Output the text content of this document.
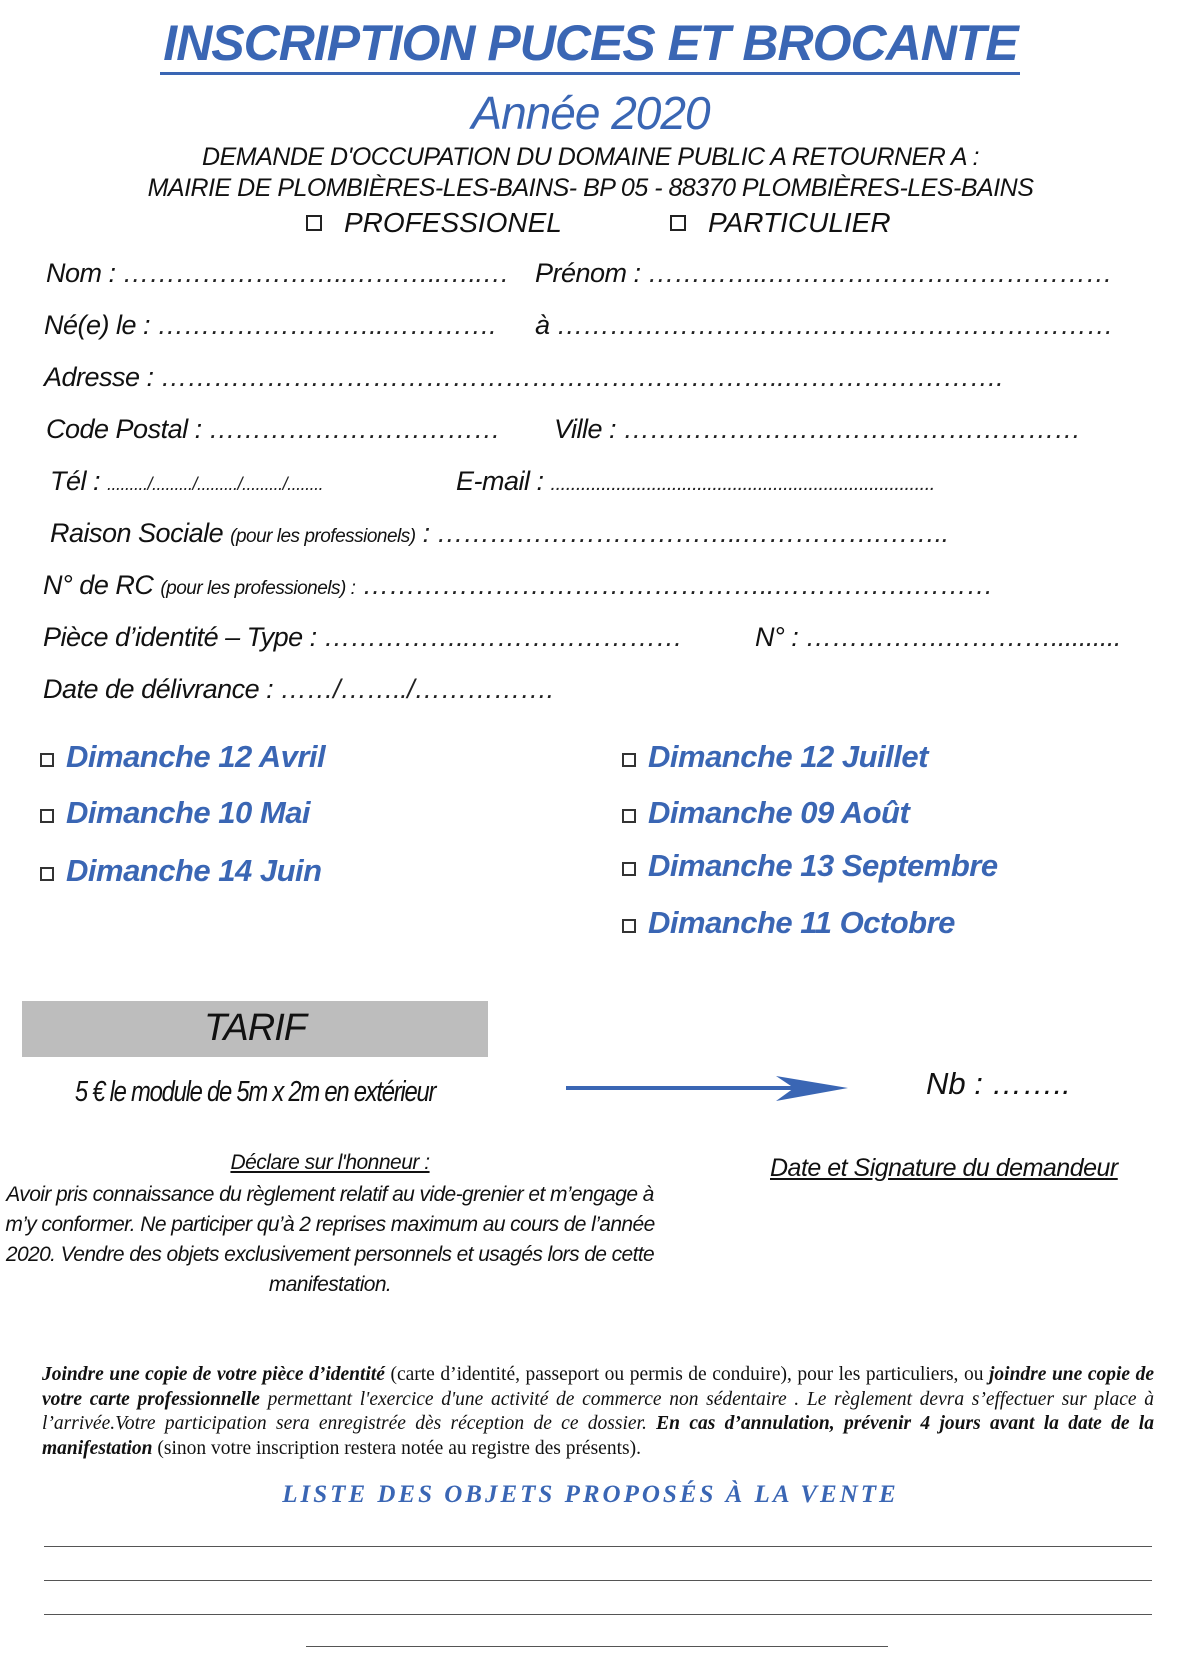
INSCRIPTION PUCES ET BROCANTE
Année 2020
DEMANDE D'OCCUPATION DU DOMAINE PUBLIC A RETOURNER A :
MAIRIE DE PLOMBIÈRES-LES-BAINS- BP 05 - 88370 PLOMBIÈRES-LES-BAINS
PROFESSIONEL	PARTICULIER
Nom : ……………………..………..…..… Prénom : …………..…………………………………
Né(e) le : ……………………..…………. à ………………………………………………………
Adresse : ……………………………………………………………..…………………….
Code Postal : …………………………… Ville : …………………………….………………
Tél : ........./........./........./........./........	E-mail : ............................................................................
Raison Sociale (pour les professionels) : ……………………………..…………….……..
N° de RC (pour les professionels) : ………………………………………..…………….………
Pièce d’identité – Type : ……………..……………………	N° : …………….…………..........
Date de délivrance : ……/……../…………….
Dimanche 12 Avril
Dimanche 10 Mai
Dimanche 14 Juin
Dimanche 12 Juillet
Dimanche 09 Août
Dimanche 13 Septembre
Dimanche 11 Octobre
TARIF
5 € le module de 5m x 2m en extérieur	Nb : ……..
Déclare sur l'honneur :
Avoir pris connaissance du règlement relatif au vide-grenier et m’engage à m’y conformer. Ne participer qu’à 2 reprises maximum au cours de l’année 2020. Vendre des objets exclusivement personnels et usagés lors de cette manifestation.
Date et Signature du demandeur
Joindre une copie de votre pièce d’identité (carte d’identité, passeport ou permis de conduire), pour les particuliers, ou joindre une copie de votre carte professionnelle permettant l'exercice d'une activité de commerce non sédentaire . Le règlement devra s’effectuer sur place à l’arrivée.Votre participation sera enregistrée dès réception de ce dossier. En cas d’annulation, prévenir 4 jours avant la date de la manifestation (sinon votre inscription restera notée au registre des présents).
LISTE DES OBJETS PROPOSÉS À LA VENTE
